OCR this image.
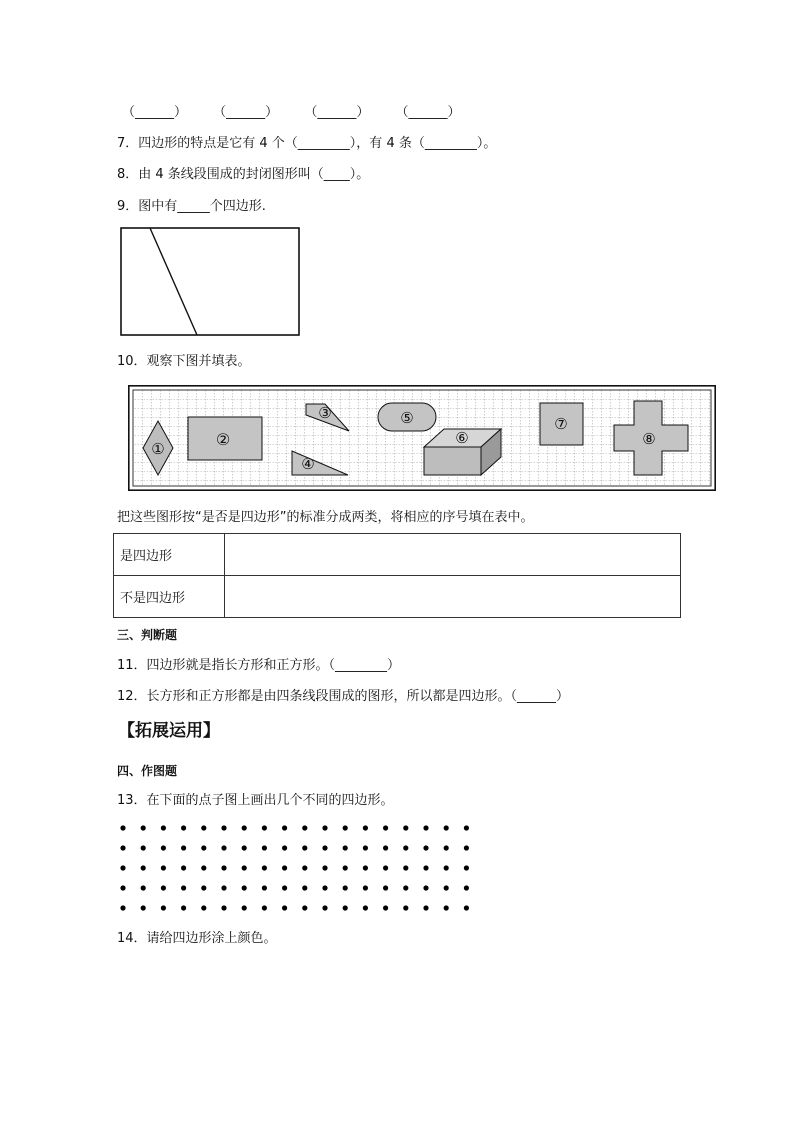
（______） （______） （______） （______）
7．四边形的特点是它有 4 个（________），有 4 条（________）。
8．由 4 条线段围成的封闭图形叫（____）。
9．图中有_____个四边形.
10．观察下图并填表。
①	②
③
④
⑤
⑥
⑦
⑧
把这些图形按“是否是四边形”的标准分成两类，将相应的序号填在表中。
是四边形	
不是四边形	
三、判断题
11．四边形就是指长方形和正方形。（________）
12．长方形和正方形都是由四条线段围成的图形，所以都是四边形。（______）
【拓展运用】
四、作图题
13．在下面的点子图上画出几个不同的四边形。
14．请给四边形涂上颜色。
